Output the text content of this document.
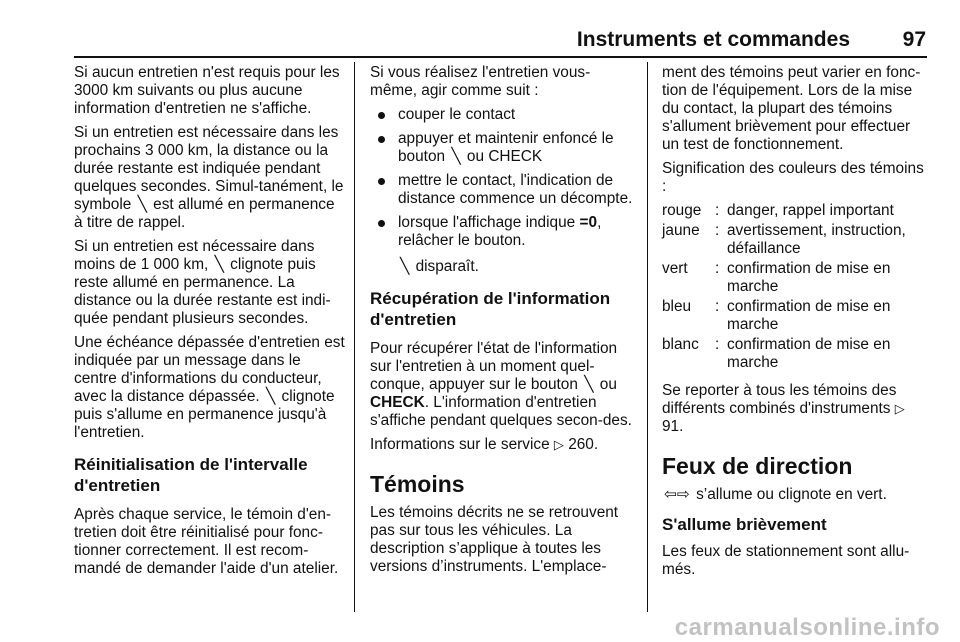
Instruments et commandes	97

Si aucun entretien n'est requis pour les 3000 km suivants ou plus aucune information d'entretien ne s'affiche.

Si un entretien est nécessaire dans les prochains 3 000 km, la distance ou la durée restante est indiquée pendant quelques secondes. Simul-tanément, le symbole ╲ est allumé en permanence à titre de rappel.

Si un entretien est nécessaire dans moins de 1 000 km, ╲ clignote puis reste allumé en permanence. La distance ou la durée restante est indi-quée pendant plusieurs secondes.

Une échéance dépassée d'entretien est indiquée par un message dans le centre d'informations du conducteur, avec la distance dépassée. ╲ clignote puis s'allume en permanence jusqu'à l'entretien.

Réinitialisation de l'intervalle d'entretien

Après chaque service, le témoin d'en-tretien doit être réinitialisé pour fonc-tionner correctement. Il est recom-mandé de demander l'aide d'un atelier.

Si vous réalisez l'entretien vous-même, agir comme suit :

couper le contact
appuyer et maintenir enfoncé le bouton ╲ ou CHECK
mettre le contact, l'indication de distance commence un décompte.
lorsque l'affichage indique =0, relâcher le bouton.

╲ disparaît.

Récupération de l'information d'entretien

Pour récupérer l'état de l'information sur l'entretien à un moment quel-conque, appuyer sur le bouton ╲ ou CHECK. L'information d'entretien s'affiche pendant quelques secon-des.

Informations sur le service ▷ 260.

Témoins

Les témoins décrits ne se retrouvent pas sur tous les véhicules. La description s’applique à toutes les versions d’instruments. L'emplace-

ment des témoins peut varier en fonc-tion de l'équipement. Lors de la mise du contact, la plupart des témoins s'allument brièvement pour effectuer un test de fonctionnement.

Signification des couleurs des témoins :

rouge	:	danger, rappel important
jaune	:	avertissement, instruction, défaillance
vert	:	confirmation de mise en marche
bleu	:	confirmation de mise en marche
blanc	:	confirmation de mise en marche

Se reporter à tous les témoins des différents combinés d'instruments ▷ 91.

Feux de direction

⇦⇨ s’allume ou clignote en vert.

S'allume brièvement

Les feux de stationnement sont allu-més.

carmanualsonline.info
